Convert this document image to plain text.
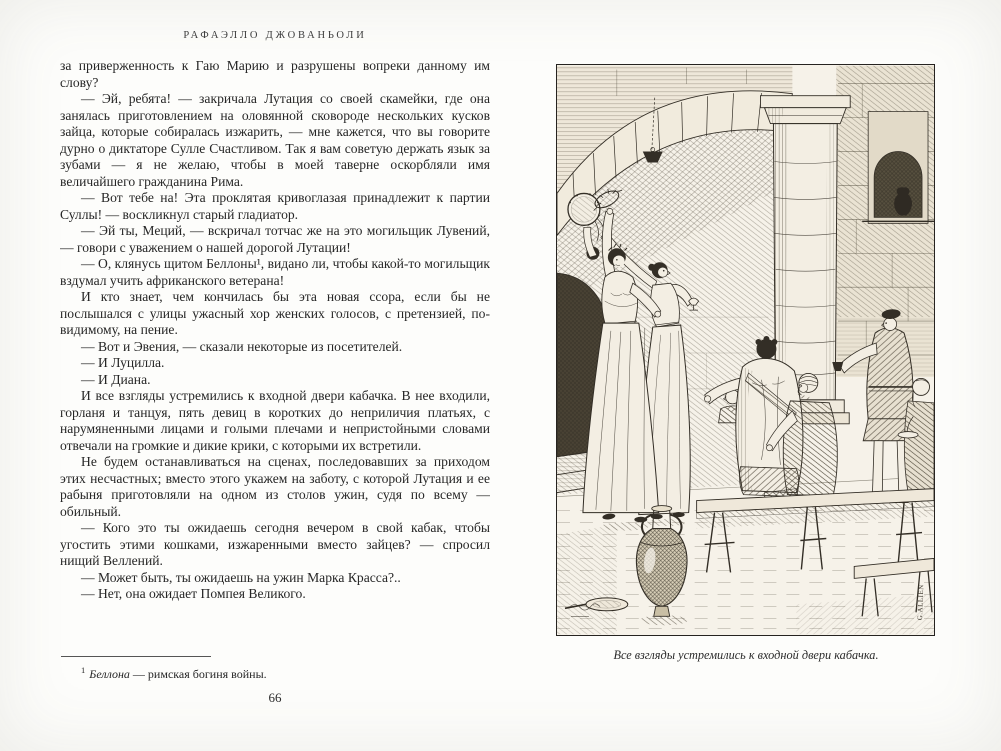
РАФАЭЛЛО ДЖОВАНЬОЛИ

за приверженность к Гаю Марию и разрушены вопреки данному им слову?

— Эй, ребята! — закричала Лутация со своей скамейки, где она занялась приготовлением на оловянной сковороде нескольких кусков зайца, которые собиралась изжарить, — мне кажется, что вы говорите дурно о диктаторе Сулле Счастливом. Так я вам советую держать язык за зубами — я не желаю, чтобы в моей таверне оскорбляли имя величайшего гражданина Рима.

— Вот тебе на! Эта проклятая кривоглазая принадлежит к партии Суллы! — воскликнул старый гладиатор.

— Эй ты, Меций, — вскричал тотчас же на это могильщик Лувений, — говори с уважением о нашей дорогой Лутации!

— О, клянусь щитом Беллоны¹, видано ли, чтобы какой-то могильщик вздумал учить африканского ветерана!

И кто знает, чем кончилась бы эта новая ссора, если бы не послышался с улицы ужасный хор женских голосов, с претензией, по-видимому, на пение.

— Вот и Эвения, — сказали некоторые из посетителей.

— И Луцилла.

— И Диана.

И все взгляды устремились к входной двери кабачка. В нее входили, горланя и танцуя, пять девиц в коротких до неприличия платьях, с нарумяненными лицами и голыми плечами и непристойными словами отвечали на громкие и дикие крики, с которыми их встретили.

Не будем останавливаться на сценах, последовавших за приходом этих несчастных; вместо этого укажем на заботу, с которой Лутация и ее рабыня приготовляли на одном из столов ужин, судя по всему — обильный.

— Кого это ты ожидаешь сегодня вечером в свой кабак, чтобы угостить этими кошками, изжаренными вместо зайцев? — спросил нищий Веллений.

— Может быть, ты ожидаешь на ужин Марка Красса?..

— Нет, она ожидает Помпея Великого.

$^1$ Беллона — римская богиня войны.

66
G.ALLIEN
Все взгляды устремились к входной двери кабачка.
